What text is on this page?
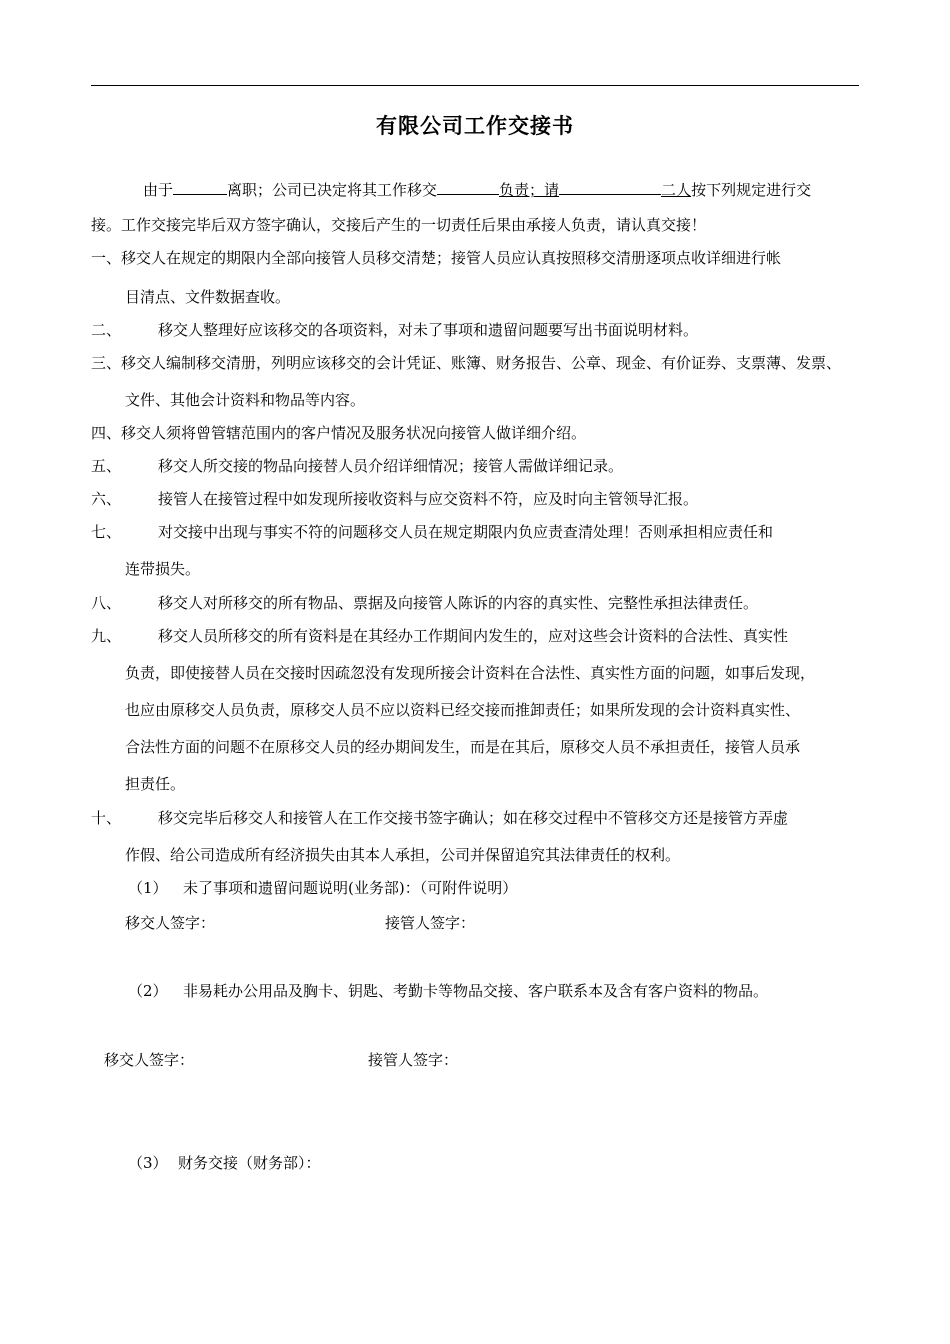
有限公司工作交接书
由于	离职；公司已决定将其工作移交	负责；请	二人按下列规定进行交
接。工作交接完毕后双方签字确认，交接后产生的一切责任后果由承接人负责，请认真交接！
一、移交人在规定的期限内全部向接管人员移交清楚；接管人员应认真按照移交清册逐项点收详细进行帐
目清点、文件数据查收。
二、 移交人整理好应该移交的各项资料，对未了事项和遗留问题要写出书面说明材料。
三、移交人编制移交清册，列明应该移交的会计凭证、账簿、财务报告、公章、现金、有价证券、支票薄、发票、
文件、其他会计资料和物品等内容。
四、移交人须将曾管辖范围内的客户情况及服务状况向接管人做详细介绍。
五、 移交人所交接的物品向接替人员介绍详细情况；接管人需做详细记录。
六、 接管人在接管过程中如发现所接收资料与应交资料不符，应及时向主管领导汇报。
七、 对交接中出现与事实不符的问题移交人员在规定期限内负应责查清处理！否则承担相应责任和
连带损失。
八、 移交人对所移交的所有物品、票据及向接管人陈诉的内容的真实性、完整性承担法律责任。
九、 移交人员所移交的所有资料是在其经办工作期间内发生的，应对这些会计资料的合法性、真实性
负责，即使接替人员在交接时因疏忽没有发现所接会计资料在合法性、真实性方面的问题，如事后发现，
也应由原移交人员负责，原移交人员不应以资料已经交接而推卸责任；如果所发现的会计资料真实性、
合法性方面的问题不在原移交人员的经办期间发生，而是在其后，原移交人员不承担责任，接管人员承
担责任。
十、 移交完毕后移交人和接管人在工作交接书签字确认；如在移交过程中不管移交方还是接管方弄虚
作假、给公司造成所有经济损失由其本人承担，公司并保留追究其法律责任的权利。
（1） 未了事项和遗留问题说明(业务部)：（可附件说明）
移交人签字：	接管人签字：
（2） 非易耗办公用品及胸卡、钥匙、考勤卡等物品交接、客户联系本及含有客户资料的物品。
移交人签字：	接管人签字：
（3） 财务交接（财务部）：
